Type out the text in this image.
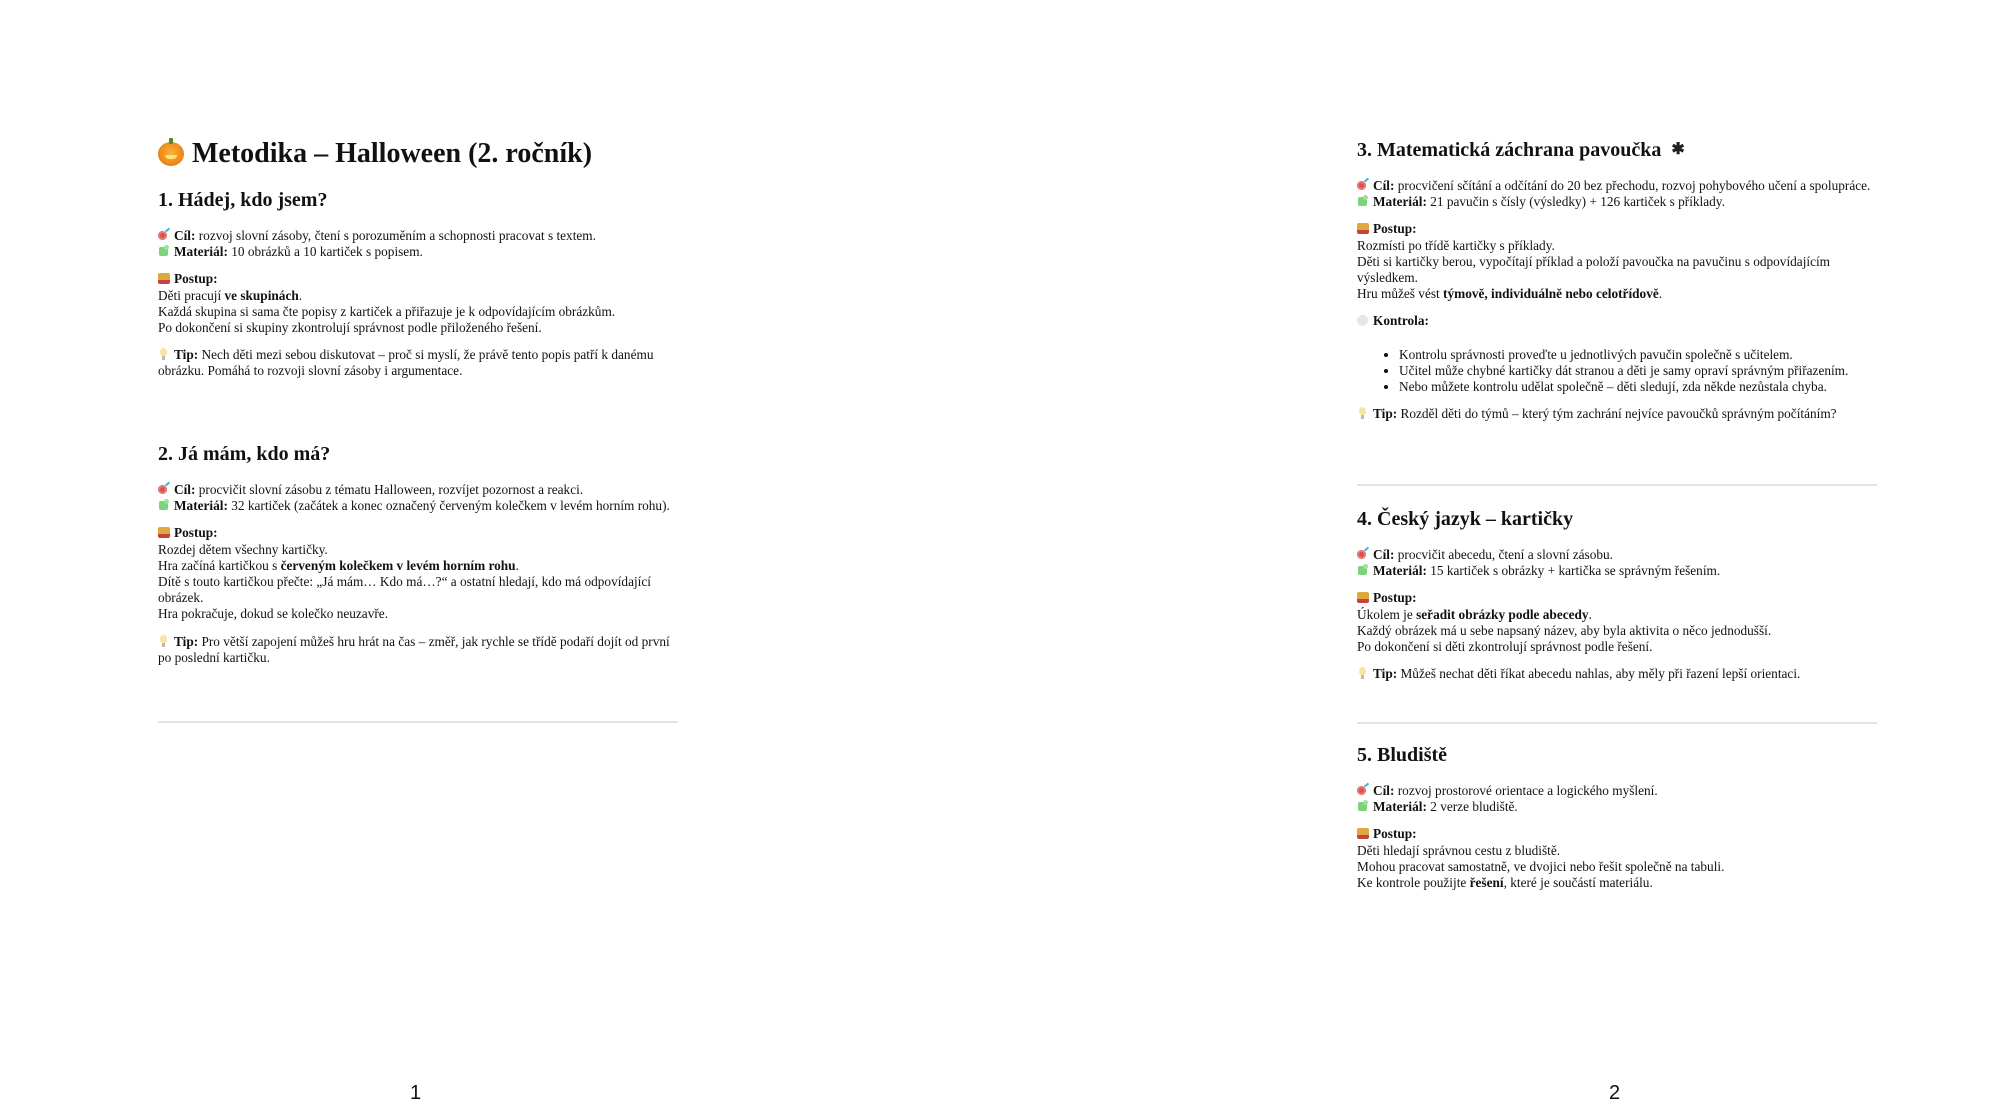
Metodika – Halloween (2. ročník)
1. Hádej, kdo jsem?
Cíl: rozvoj slovní zásoby, čtení s porozuměním a schopnosti pracovat s textem.
Materiál: 10 obrázků a 10 kartiček s popisem.
Postup:
Děti pracují ve skupinách.
Každá skupina si sama čte popisy z kartiček a přiřazuje je k odpovídajícím obrázkům.
Po dokončení si skupiny zkontrolují správnost podle přiloženého řešení.
Tip: Nech děti mezi sebou diskutovat – proč si myslí, že právě tento popis patří k danému obrázku. Pomáhá to rozvoji slovní zásoby i argumentace.
2. Já mám, kdo má?
Cíl: procvičit slovní zásobu z tématu Halloween, rozvíjet pozornost a reakci.
Materiál: 32 kartiček (začátek a konec označený červeným kolečkem v levém horním rohu).
Postup:
Rozdej dětem všechny kartičky.
Hra začíná kartičkou s červeným kolečkem v levém horním rohu.
Dítě s touto kartičkou přečte: „Já mám… Kdo má…?“ a ostatní hledají, kdo má odpovídající obrázek.
Hra pokračuje, dokud se kolečko neuzavře.
Tip: Pro větší zapojení můžeš hru hrát na čas – změř, jak rychle se třídě podaří dojít od první po poslední kartičku.
3. Matematická záchrana pavoučka ✱
Cíl: procvičení sčítání a odčítání do 20 bez přechodu, rozvoj pohybového učení a spolupráce.
Materiál: 21 pavučin s čísly (výsledky) + 126 kartiček s příklady.
Postup:
Rozmísti po třídě kartičky s příklady.
Děti si kartičky berou, vypočítají příklad a položí pavoučka na pavučinu s odpovídajícím výsledkem.
Hru můžeš vést týmově, individuálně nebo celotřídově.
Kontrola:
• Kontrolu správnosti proveďte u jednotlivých pavučin společně s učitelem.
• Učitel může chybné kartičky dát stranou a děti je samy opraví správným přiřazením.
• Nebo můžete kontrolu udělat společně – děti sledují, zda někde nezůstala chyba.
Tip: Rozděl děti do týmů – který tým zachrání nejvíce pavoučků správným počítáním?
4. Český jazyk – kartičky
Cíl: procvičit abecedu, čtení a slovní zásobu.
Materiál: 15 kartiček s obrázky + kartička se správným řešením.
Postup:
Úkolem je seřadit obrázky podle abecedy.
Každý obrázek má u sebe napsaný název, aby byla aktivita o něco jednodušší.
Po dokončení si děti zkontrolují správnost podle řešení.
Tip: Můžeš nechat děti říkat abecedu nahlas, aby měly při řazení lepší orientaci.
5. Bludiště
Cíl: rozvoj prostorové orientace a logického myšlení.
Materiál: 2 verze bludiště.
Postup:
Děti hledají správnou cestu z bludiště.
Mohou pracovat samostatně, ve dvojici nebo řešit společně na tabuli.
Ke kontrole použijte řešení, které je součástí materiálu.
1	2
